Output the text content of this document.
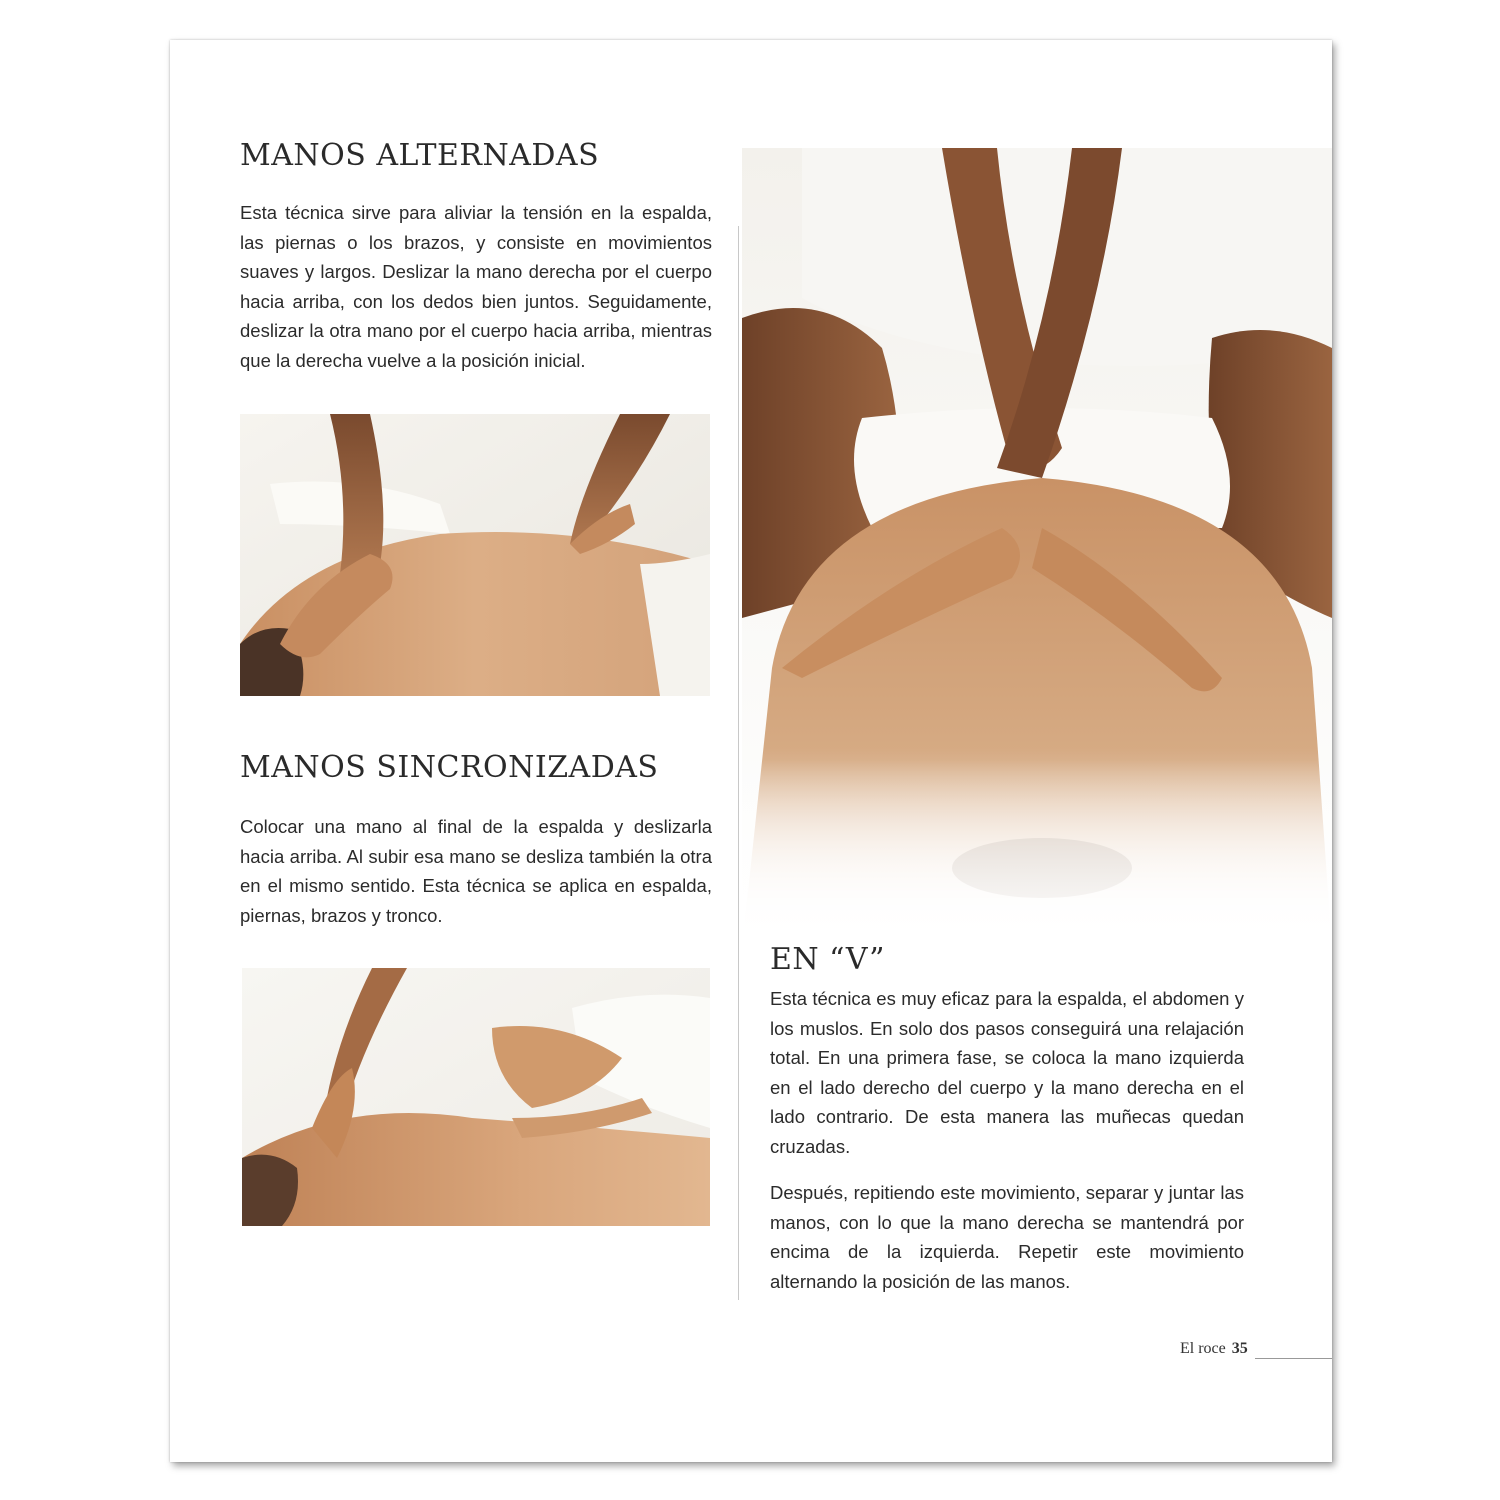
MANOS ALTERNADAS

Esta técnica sirve para aliviar la tensión en la espalda, las piernas o los brazos, y consiste en movimientos suaves y largos. Deslizar la mano derecha por el cuerpo hacia arriba, con los dedos bien juntos. Seguidamente, deslizar la otra mano por el cuerpo hacia arriba, mientras que la derecha vuelve a la posición inicial.

MANOS SINCRONIZADAS

Colocar una mano al final de la espalda y deslizarla hacia arriba. Al subir esa mano se desliza también la otra en el mismo sentido. Esta técnica se aplica en espalda, piernas, brazos y tronco.

EN “V”

Esta técnica es muy eficaz para la espalda, el abdomen y los muslos. En solo dos pasos conseguirá una relajación total. En una primera fase, se coloca la mano izquierda en el lado derecho del cuerpo y la mano derecha en el lado contrario. De esta manera las muñecas quedan cruzadas.

Después, repitiendo este movimiento, separar y juntar las manos, con lo que la mano derecha se mantendrá por encima de la izquierda. Repetir este movimiento alternando la posición de las manos.

El roce 35
